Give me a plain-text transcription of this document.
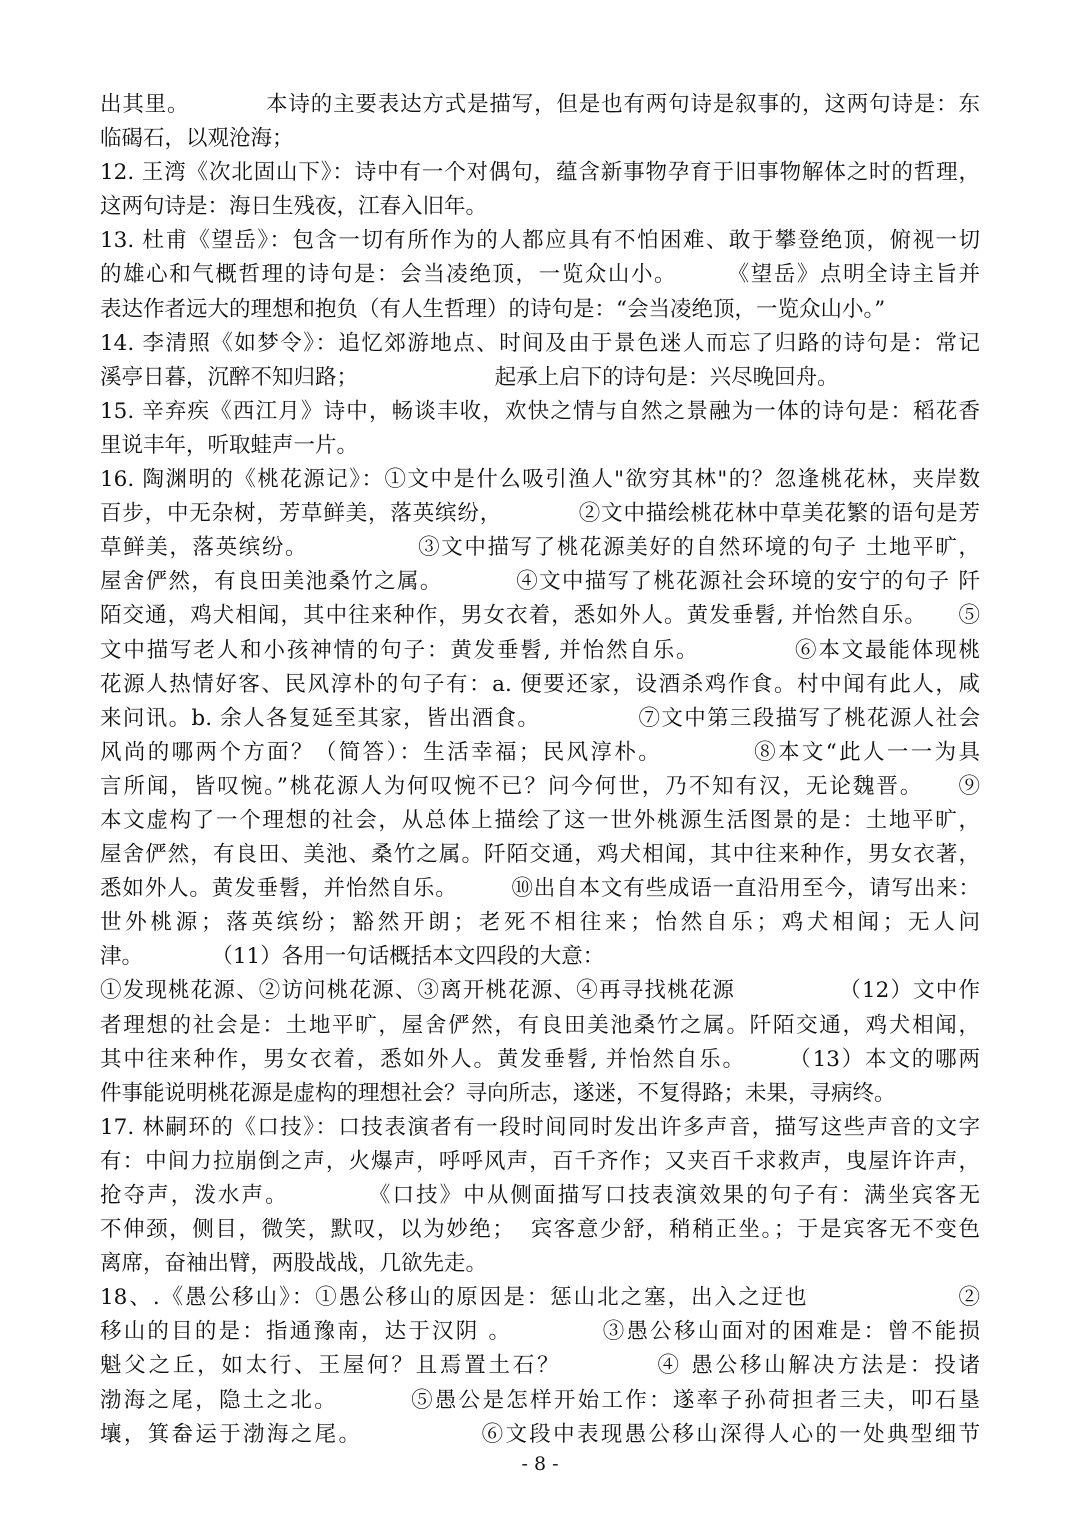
出其里。          本诗的主要表达方式是描写，但是也有两句诗是叙事的，这两句诗是：东
临碣石，以观沧海；
12. 王湾《次北固山下》：诗中有一个对偶句，蕴含新事物孕育于旧事物解体之时的哲理，
这两句诗是：海日生残夜，江春入旧年。
13. 杜甫《望岳》：包含一切有所作为的人都应具有不怕困难、敢于攀登绝顶，俯视一切
的雄心和气概哲理的诗句是：会当凌绝顶，一览众山小。      《望岳》点明全诗主旨并
表达作者远大的理想和抱负（有人生哲理）的诗句是：“会当凌绝顶，一览众山小。”
14. 李清照《如梦令》：追忆郊游地点、时间及由于景色迷人而忘了归路的诗句是：常记
溪亭日暮，沉醉不知归路；                    起承上启下的诗句是：兴尽晚回舟。
15. 辛弃疾《西江月》诗中，畅谈丰收，欢快之情与自然之景融为一体的诗句是：稻花香
里说丰年，听取蛙声一片。
16. 陶渊明的《桃花源记》：①文中是什么吸引渔人"欲穷其林"的？忽逢桃花林，夹岸数
百步，中无杂树，芳草鲜美，落英缤纷，          ②文中描绘桃花林中草美花繁的语句是芳
草鲜美，落英缤纷。             ③文中描写了桃花源美好的自然环境的句子 土地平旷，
屋舍俨然，有良田美池桑竹之属。         ④文中描写了桃花源社会环境的安宁的句子 阡
陌交通，鸡犬相闻，其中往来种作，男女衣着，悉如外人。黄发垂髫, 并怡然自乐。    ⑤
文中描写老人和小孩神情的句子：黄发垂髫, 并怡然自乐。           ⑥本文最能体现桃
花源人热情好客、民风淳朴的句子有：a. 便要还家，设酒杀鸡作食。村中闻有此人，咸
来问讯。b. 余人各复延至其家，皆出酒食。            ⑦文中第三段描写了桃花源人社会
风尚的哪两个方面？（简答）：生活幸福；民风淳朴。          ⑧本文“此人一一为具
言所闻，皆叹惋。”桃花源人为何叹惋不已？问今何世，乃不知有汉，无论魏晋。    ⑨
本文虚构了一个理想的社会，从总体上描绘了这一世外桃源生活图景的是：土地平旷，
屋舍俨然，有良田、美池、桑竹之属。阡陌交通，鸡犬相闻，其中往来种作，男女衣著，
悉如外人。黄发垂髫，并怡然自乐。       ⑩出自本文有些成语一直沿用至今，请写出来：
世外桃源；落英缤纷；豁然开朗；老死不相往来；怡然自乐；鸡犬相闻；无人问
津。          （11）各用一句话概括本文四段的大意：
①发现桃花源、②访问桃花源、③离开桃花源、④再寻找桃花源             （12）文中作
者理想的社会是：土地平旷，屋舍俨然，有良田美池桑竹之属。阡陌交通，鸡犬相闻，
其中往来种作，男女衣着，悉如外人。黄发垂髫, 并怡然自乐。     （13）本文的哪两
件事能说明桃花源是虚构的理想社会？寻向所志，遂迷，不复得路；未果，寻病终。
17. 林嗣环的《口技》：口技表演者有一段时间同时发出许多声音，描写这些声音的文字
有：中间力拉崩倒之声，火爆声，呼呼风声，百千齐作；又夹百千求救声，曳屋许许声，
抢夺声，泼水声。         《口技》中从侧面描写口技表演效果的句子有：满坐宾客无
不伸颈，侧目，微笑，默叹，以为妙绝；  宾客意少舒，稍稍正坐。；于是宾客无不变色
离席，奋袖出臂，两股战战，几欲先走。
18、.《愚公移山》：①愚公移山的原因是：惩山北之塞，出入之迂也                 ②
移山的目的是：指通豫南，达于汉阴 。          ③愚公移山面对的困难是：曾不能损
魁父之丘，如太行、王屋何？且焉置土石？          ④ 愚公移山解决方法是：投诸
渤海之尾，隐土之北。        ⑤愚公是怎样开始工作：遂率子孙荷担者三夫，叩石垦
壤，箕畚运于渤海之尾。             ⑥文段中表现愚公移山深得人心的一处典型细节
- 8 -
